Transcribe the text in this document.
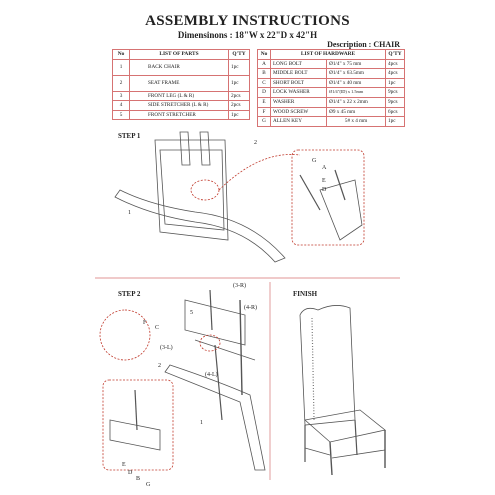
ASSEMBLY INSTRUCTIONS
Dimensinons : 18"W x 22"D x 42"H
Description : CHAIR
No	LIST OF PARTS	Q'TY
1	BACK CHAIR	1pc
2	SEAT FRAME	1pc
3	FRONT LEG (L & R)	2pcs
4	SIDE STRETCHER (L & R)	2pcs
5	FRONT STRETCHER	1pc
No	LIST OF HARDWARE		Q'TY
A	LONG BOLT	Ø1/4" x 75 mm	4pcs
B	MIDDLE BOLT	Ø1/4" x 63.5mm	4pcs
C	SHORT BOLT	Ø1/4" x 40 mm	1pc
D	LOCK WASHER	Ø1/4"(ID) x 1.5mm	9pcs
E	WASHER	Ø1/4" x 22 x 2mm	9pcs
F	WOOD SCREW	Ø9 x 45 mm	6pcs
G	ALLEN KEY	5# x 4 mm	1pc
STEP 1
STEP 2	FINISH
1
2
G
A
E
D
(3-R)
(4-R)
5
(3-L)
(4-L)
2
1
F
C
E
D
B
G
